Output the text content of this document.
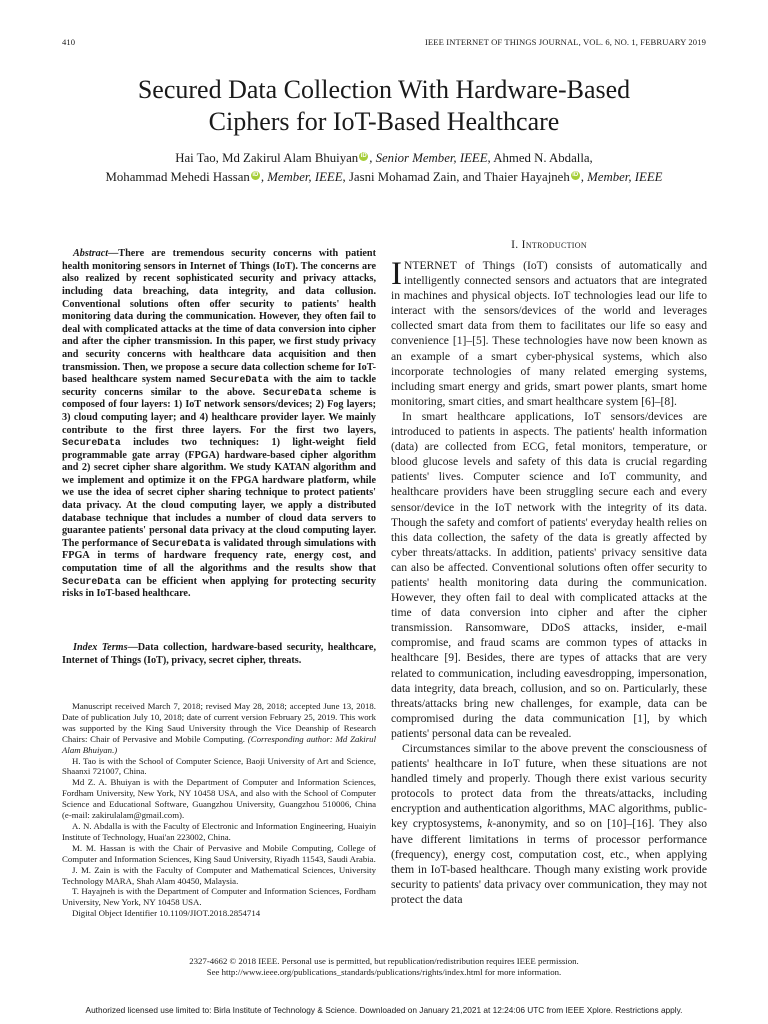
410	IEEE INTERNET OF THINGS JOURNAL, VOL. 6, NO. 1, FEBRUARY 2019
Secured Data Collection With Hardware-Based
Ciphers for IoT-Based Healthcare
Hai Tao, Md Zakirul Alam Bhuiyan iD , Senior Member, IEEE, Ahmed N. Abdalla,
Mohammad Mehedi Hassan iD , Member, IEEE, Jasni Mohamad Zain, and Thaier Hayajneh iD , Member, IEEE

Abstract—There are tremendous security concerns with patient health monitoring sensors in Internet of Things (IoT). The concerns are also realized by recent sophisticated security and privacy attacks, including data breaching, data integrity, and data collusion. Conventional solutions often offer security to patients' health monitoring data during the communication. However, they often fail to deal with complicated attacks at the time of data conversion into cipher and after the cipher transmission. In this paper, we first study privacy and security concerns with healthcare data acquisition and then transmission. Then, we propose a secure data collection scheme for IoT-based healthcare system named SecureData with the aim to tackle security concerns similar to the above. SecureData scheme is composed of four layers: 1) IoT network sensors/devices; 2) Fog layers; 3) cloud computing layer; and 4) healthcare provider layer. We mainly contribute to the first three layers. For the first two layers, SecureData includes two techniques: 1) light-weight field programmable gate array (FPGA) hardware-based cipher algorithm and 2) secret cipher share algorithm. We study KATAN algorithm and we implement and optimize it on the FPGA hardware platform, while we use the idea of secret cipher sharing technique to protect patients' data privacy. At the cloud computing layer, we apply a distributed database technique that includes a number of cloud data servers to guarantee patients' personal data privacy at the cloud computing layer. The performance of SecureData is validated through simulations with FPGA in terms of hardware frequency rate, energy cost, and computation time of all the algorithms and the results show that SecureData can be efficient when applying for protecting security risks in IoT-based healthcare.

Index Terms—Data collection, hardware-based security, healthcare, Internet of Things (IoT), privacy, secret cipher, threats.

Manuscript received March 7, 2018; revised May 28, 2018; accepted June 13, 2018. Date of publication July 10, 2018; date of current version February 25, 2019. This work was supported by the King Saud University through the Vice Deanship of Research Chairs: Chair of Pervasive and Mobile Computing. (Corresponding author: Md Zakirul Alam Bhuiyan.)

H. Tao is with the School of Computer Science, Baoji University of Art and Science, Shaanxi 721007, China.

Md Z. A. Bhuiyan is with the Department of Computer and Information Sciences, Fordham University, New York, NY 10458 USA, and also with the School of Computer Science and Educational Software, Guangzhou University, Guangzhou 510006, China (e-mail: zakirulalam@gmail.com).

A. N. Abdalla is with the Faculty of Electronic and Information Engineering, Huaiyin Institute of Technology, Huai'an 223002, China.

M. M. Hassan is with the Chair of Pervasive and Mobile Computing, College of Computer and Information Sciences, King Saud University, Riyadh 11543, Saudi Arabia.

J. M. Zain is with the Faculty of Computer and Mathematical Sciences, University Technology MARA, Shah Alam 40450, Malaysia.

T. Hayajneh is with the Department of Computer and Information Sciences, Fordham University, New York, NY 10458 USA.

Digital Object Identifier 10.1109/JIOT.2018.2854714

I. Introduction

INTERNET of Things (IoT) consists of automatically and intelligently connected sensors and actuators that are integrated in machines and physical objects. IoT technologies lead our life to interact with the sensors/devices of the world and leverages collected smart data from them to facilitates our life so easy and convenience [1]–[5]. These technologies have now been known as an example of a smart cyber-physical systems, which also incorporate technologies of many related emerging systems, including smart energy and grids, smart power plants, smart home monitoring, smart cities, and smart healthcare system [6]–[8].

In smart healthcare applications, IoT sensors/devices are introduced to patients in aspects. The patients' health information (data) are collected from ECG, fetal monitors, temperature, or blood glucose levels and safety of this data is crucial regarding patients' lives. Computer science and IoT community, and healthcare providers have been struggling secure each and every sensor/device in the IoT network with the integrity of its data. Though the safety and comfort of patients' everyday health relies on this data collection, the safety of the data is greatly affected by cyber threats/attacks. In addition, patients' privacy sensitive data can also be affected. Conventional solutions often offer security to patients' health monitoring data during the communication. However, they often fail to deal with complicated attacks at the time of data conversion into cipher and after the cipher transmission. Ransomware, DDoS attacks, insider, e-mail compromise, and fraud scams are common types of attacks in healthcare [9]. Besides, there are types of attacks that are very related to communication, including eavesdropping, impersonation, data integrity, data breach, collusion, and so on. Particularly, these threats/attacks bring new challenges, for example, data can be compromised during the data communication [1], by which patients' personal data can be revealed.

Circumstances similar to the above prevent the consciousness of patients' healthcare in IoT future, when these situations are not handled timely and properly. Though there exist various security protocols to protect data from the threats/attacks, including encryption and authentication algorithms, MAC algorithms, public-key cryptosystems, k-anonymity, and so on [10]–[16]. They also have different limitations in terms of processor performance (frequency), energy cost, computation cost, etc., when applying them in IoT-based healthcare. Though many existing work provide security to patients' data privacy over communication, they may not protect the data

2327-4662 © 2018 IEEE. Personal use is permitted, but republication/redistribution requires IEEE permission.
See http://www.ieee.org/publications_standards/publications/rights/index.html for more information.
Authorized licensed use limited to: Birla Institute of Technology & Science. Downloaded on January 21,2021 at 12:24:06 UTC from IEEE Xplore. Restrictions apply.
